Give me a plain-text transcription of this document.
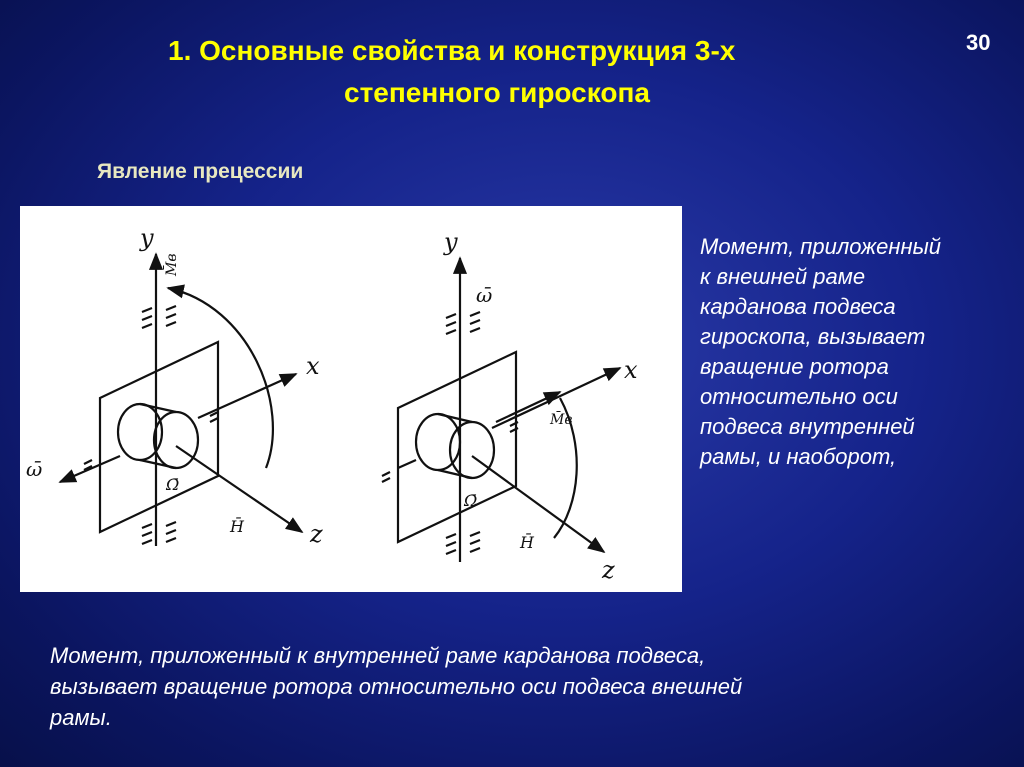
30
1. Основные свойства и конструкция 3-х
степенного гироскопа
Явление прецессии
y
M̄в
x
z
ω̄
H̄
Ω̄
y
ω̄
x
z
H̄
Ω̄
M̄в
Момент, приложенный
к внешней раме
карданова подвеса
гироскопа, вызывает
вращение ротора
относительно оси
подвеса внутренней
рамы, и наоборот,
Момент, приложенный к внутренней раме карданова подвеса,
вызывает вращение ротора относительно оси подвеса внешней
рамы.
